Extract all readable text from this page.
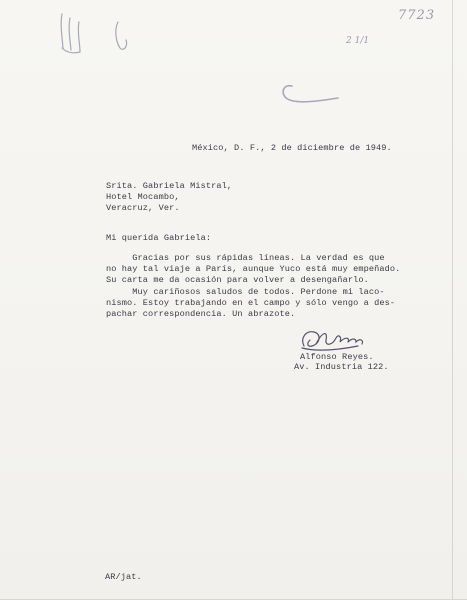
7723
2 1/1
México, D. F., 2 de diciembre de 1949.
Srita. Gabriela Mistral,
Hotel Mocambo,
Veracruz, Ver.
Mi querida Gabriela:
Gracias por sus rápidas líneas. La verdad es que
no hay tal viaje a París, aunque Yuco está muy empeñado.
Su carta me da ocasión para volver a desengañarlo.
Muy cariñosos saludos de todos. Perdone mi laco-
nismo. Estoy trabajando en el campo y sólo vengo a des-
pachar correspondencia. Un abrazote.
Alfonso Reyes.
Av. Industria 122.
AR/jat.
